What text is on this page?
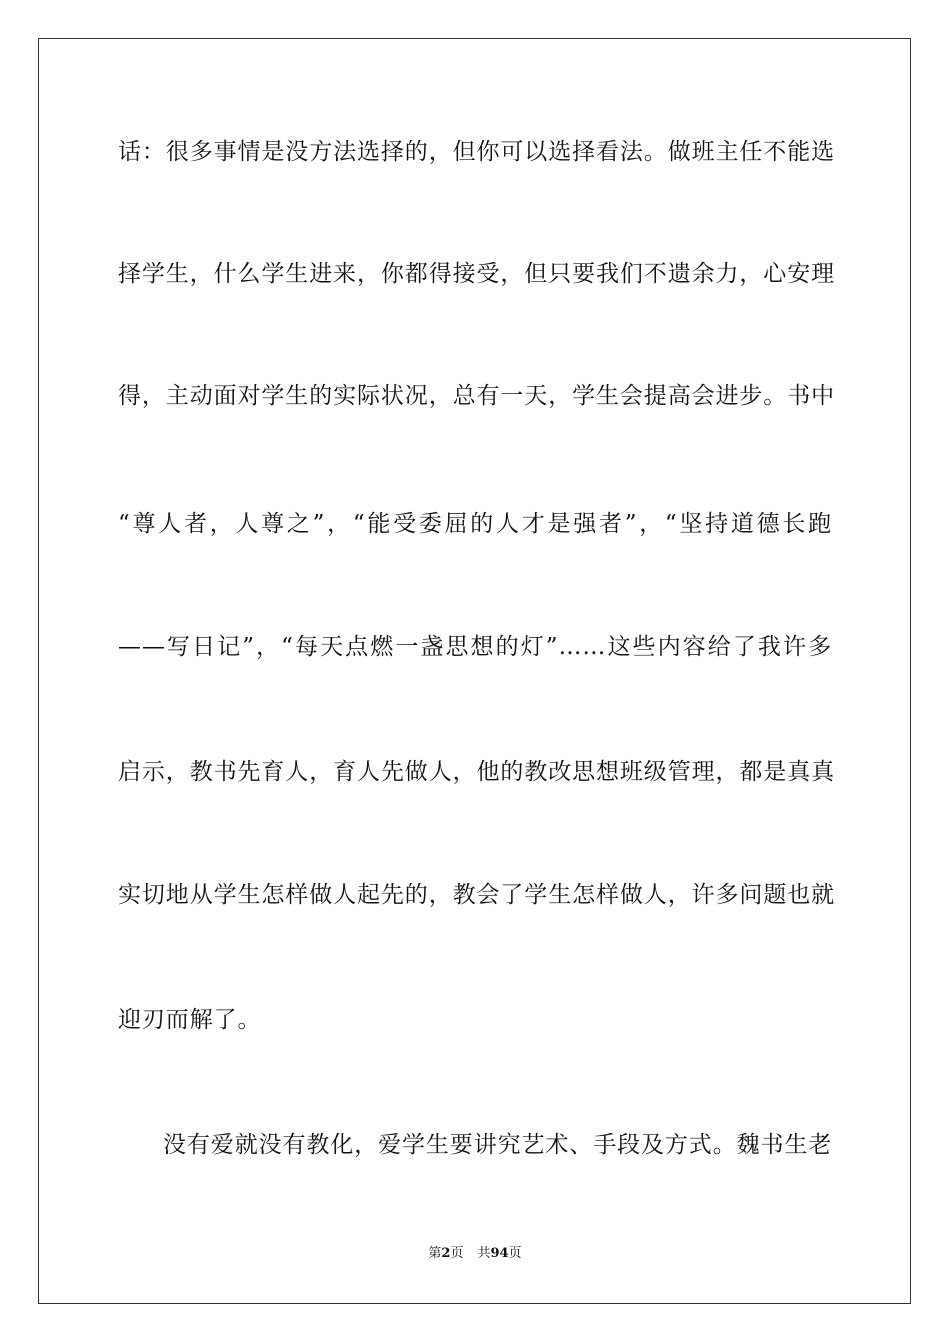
话：很多事情是没方法选择的，但你可以选择看法。做班主任不能选
择学生，什么学生进来，你都得接受，但只要我们不遗余力，心安理
得，主动面对学生的实际状况，总有一天，学生会提高会进步。书中
“尊人者，人尊之”，“能受委屈的人才是强者”，“坚持道德长跑
——写日记”，“每天点燃一盏思想的灯”……这些内容给了我许多
启示，教书先育人，育人先做人，他的教改思想班级管理，都是真真
实切地从学生怎样做人起先的，教会了学生怎样做人，许多问题也就
迎刃而解了。
没有爱就没有教化，爱学生要讲究艺术、手段及方式。魏书生老
第2页 共94页
